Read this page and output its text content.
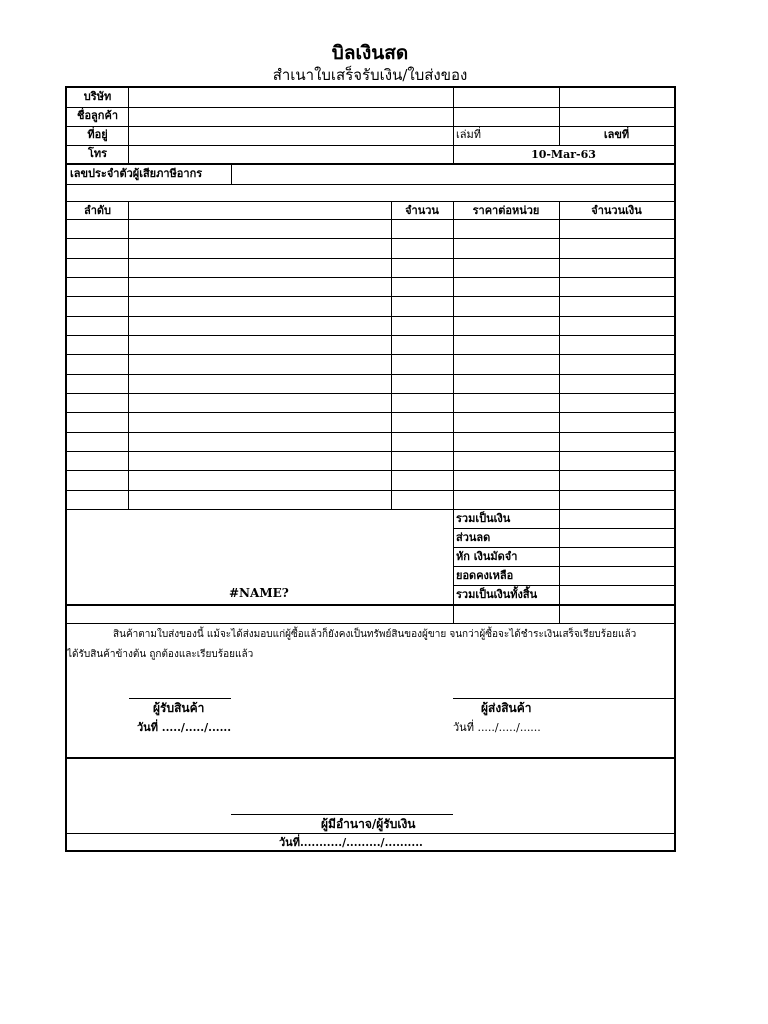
บิลเงินสด
สำเนาใบเสร็จรับเงิน/ใบส่งของ
บริษัท
ชื่อลูกค้า
ที่อยู่
โทร
เล่มที่	เลขที่
10-Mar-63
เลขประจำตัวผู้เสียภาษีอากร
ลำดับ	จำนวน	ราคาต่อหน่วย	จำนวนเงิน
รวมเป็นเงิน
ส่วนลด
หัก เงินมัดจำ
ยอดคงเหลือ
รวมเป็นเงินทั้งสิ้น
#NAME?
สินค้าตามใบส่งของนี้ แม้จะได้ส่งมอบแก่ผู้ซื้อแล้วก็ยังคงเป็นทรัพย์สินของผู้ขาย จนกว่าผู้ซื้อจะได้ชำระเงินเสร็จเรียบร้อยแล้ว
ได้รับสินค้าข้างต้น ถูกต้องและเรียบร้อยแล้ว
ผู้รับสินค้า
วันที่ ...../...../......
ผู้ส่งสินค้า
วันที่ ...../...../......
ผู้มีอำนาจ/ผู้รับเงิน
วันที่.........../........./..........
